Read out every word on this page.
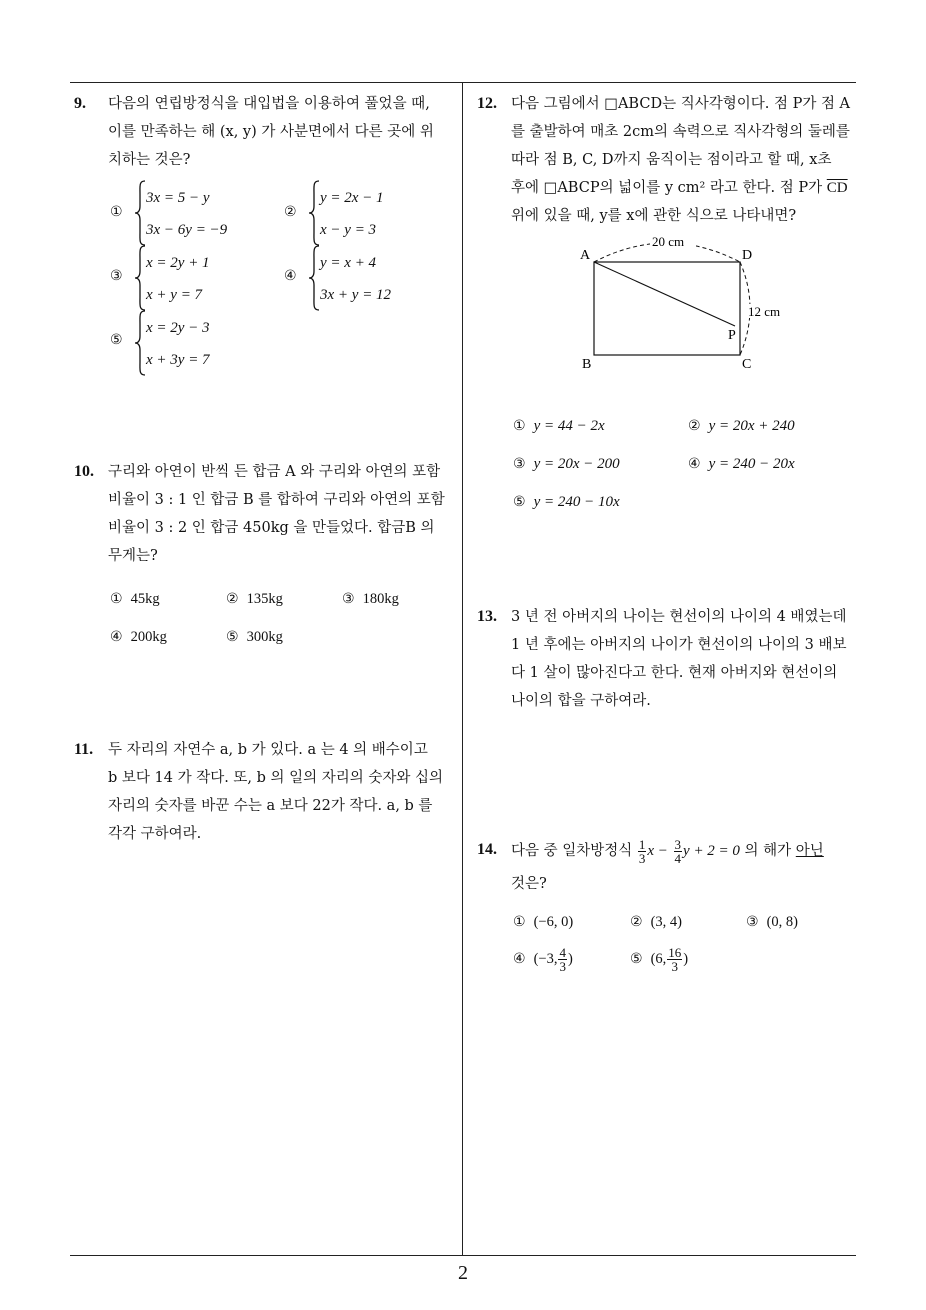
9. 다음의 연립방정식을 대입법을 이용하여 풀었을 때,
이를 만족하는 해 (x, y) 가 사분면에서 다른 곳에 위
치하는 것은?
①
3x = 5 − y
3x − 6y = −9
②
y = 2x − 1
x − y = 3
③
x = 2y + 1
x + y = 7
④
y = x + 4
3x + y = 12
⑤
x = 2y − 3
x + 3y = 7
10. 구리와 아연이 반씩 든 합금 A 와 구리와 아연의 포함
비율이 3 : 1 인 합금 B 를 합하여 구리와 아연의 포함
비율이 3 : 2 인 합금 450kg 을 만들었다. 합금B 의
무게는?
① 45kg	② 135kg	③ 180kg
④ 200kg	⑤ 300kg
11. 두 자리의 자연수 a, b 가 있다. a 는 4 의 배수이고
b 보다 14 가 작다. 또, b 의 일의 자리의 숫자와 십의
자리의 숫자를 바꾼 수는 a 보다 22가 작다. a, b 를
각각 구하여라.
12. 다음 그림에서 □ABCD는 직사각형이다. 점 P가 점 A
를 출발하여 매초 2cm의 속력으로 직사각형의 둘레를
따라 점 B, C, D까지 움직이는 점이라고 할 때, x초
후에 □ABCP의 넓이를 y cm² 라고 한다. 점 P가 $\overline{CD}$
위에 있을 때, y를 x에 관한 식으로 나타내면?
20 cm
12 cm
A	D
B	C
P
① y = 44 − 2x	② y = 20x + 240
③ y = 20x − 200	④ y = 240 − 20x
⑤ y = 240 − 10x
13. 3 년 전 아버지의 나이는 현선이의 나이의 4 배였는데
1 년 후에는 아버지의 나이가 현선이의 나이의 3 배보
다 1 살이 많아진다고 한다. 현재 아버지와 현선이의
나이의 합을 구하여라.
14. 다음 중 일차방정식 $\frac{1}{3}$ $x - \frac{3}{4}$ y + 2 = 0 의 해가 아닌
것은?
① (−6, 0)	② (3, 4)	③ (0, 8)
④ (−3, $\frac{4}{3}$ )	⑤ (6, $\frac{16}{3}$ )
2
